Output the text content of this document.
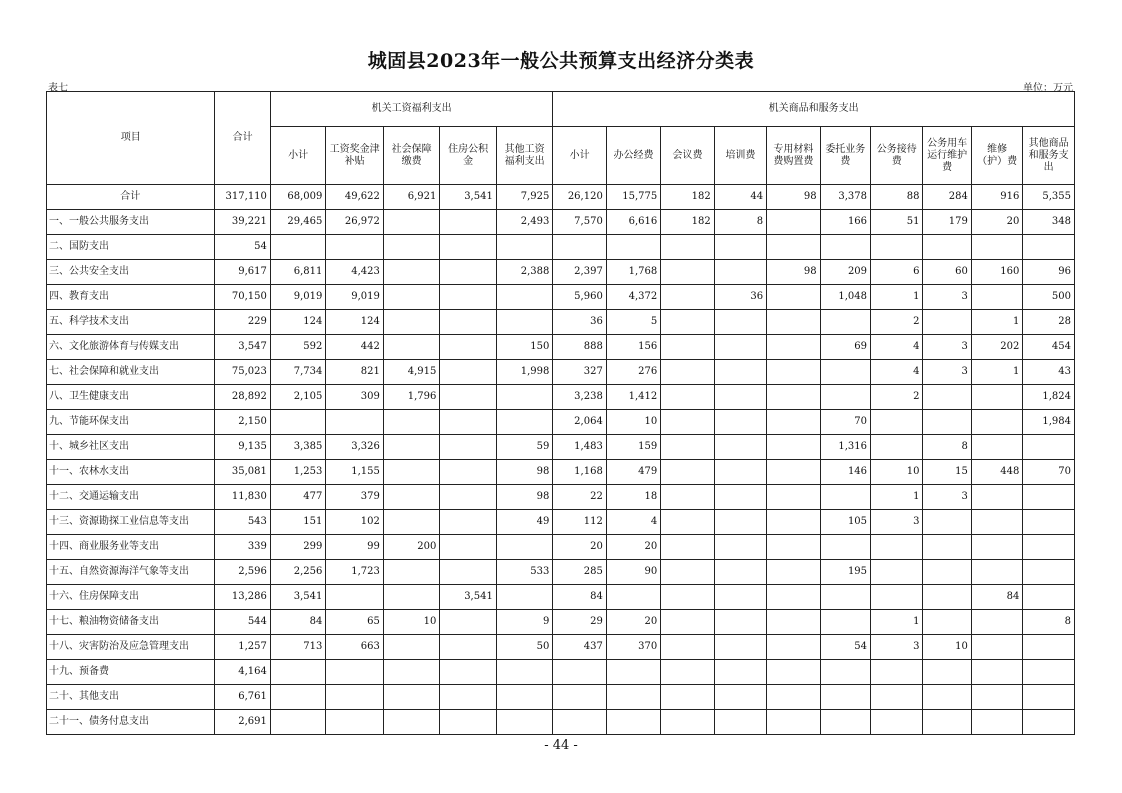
城固县2023年一般公共预算支出经济分类表
表七	单位：万元
项目	合计	机关工资福利支出					机关商品和服务支出									
		小计	工资奖金津补贴	社会保障缴费	住房公积金	其他工资福利支出	小计	办公经费	会议费	培训费	专用材料费购置费	委托业务费	公务接待费	公务用车运行维护费	维修（护）费	其他商品和服务支出
合计	317,110	68,009	49,622	6,921	3,541	7,925	26,120	15,775	182	44	98	3,378	88	284	916	5,355
一、一般公共服务支出	39,221	29,465	26,972			2,493	7,570	6,616	182	8		166	51	179	20	348
二、国防支出	54															
三、公共安全支出	9,617	6,811	4,423			2,388	2,397	1,768			98	209	6	60	160	96
四、教育支出	70,150	9,019	9,019				5,960	4,372		36		1,048	1	3		500
五、科学技术支出	229	124	124				36	5					2		1	28
六、文化旅游体育与传媒支出	3,547	592	442			150	888	156				69	4	3	202	454
七、社会保障和就业支出	75,023	7,734	821	4,915		1,998	327	276					4	3	1	43
八、卫生健康支出	28,892	2,105	309	1,796			3,238	1,412					2			1,824
九、节能环保支出	2,150						2,064	10				70				1,984
十、城乡社区支出	9,135	3,385	3,326			59	1,483	159				1,316		8		
十一、农林水支出	35,081	1,253	1,155			98	1,168	479				146	10	15	448	70
十二、交通运输支出	11,830	477	379			98	22	18					1	3		
十三、资源勘探工业信息等支出	543	151	102			49	112	4				105	3			
十四、商业服务业等支出	339	299	99	200			20	20								
十五、自然资源海洋气象等支出	2,596	2,256	1,723			533	285	90				195				
十六、住房保障支出	13,286	3,541			3,541		84								84	
十七、粮油物资储备支出	544	84	65	10		9	29	20					1			8
十八、灾害防治及应急管理支出	1,257	713	663			50	437	370				54	3	10		
十九、预备费	4,164															
二十、其他支出	6,761															
二十一、债务付息支出	2,691															
- 44 -
